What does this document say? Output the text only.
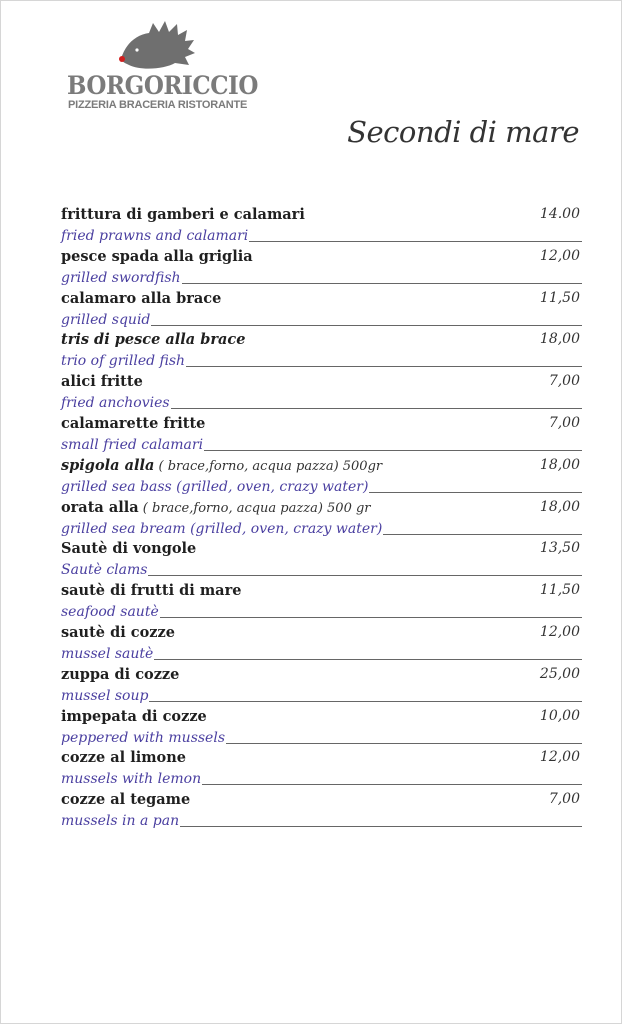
BORGORICCIO
PIZZERIA BRACERIA RISTORANTE
Secondi di mare
frittura di gamberi e calamari	14.00
fried prawns and calamari
pesce spada alla griglia	12,00
grilled swordfish
calamaro alla brace	11,50
grilled squid
tris di pesce alla brace	18,00
trio of grilled fish
alici fritte	7,00
fried anchovies
calamarette fritte	7,00
small fried calamari
spigola alla ( brace,forno, acqua pazza) 500gr	18,00
grilled sea bass (grilled, oven, crazy water)
orata alla ( brace,forno, acqua pazza) 500 gr	18,00
grilled sea bream (grilled, oven, crazy water)
Sautè di vongole	13,50
Sautè clams
sautè di frutti di mare	11,50
seafood sautè
sautè di cozze	12,00
mussel sautè
zuppa di cozze	25,00
mussel soup
impepata di cozze	10,00
peppered with mussels
cozze al limone	12,00
mussels with lemon
cozze al tegame	7,00
mussels in a pan
